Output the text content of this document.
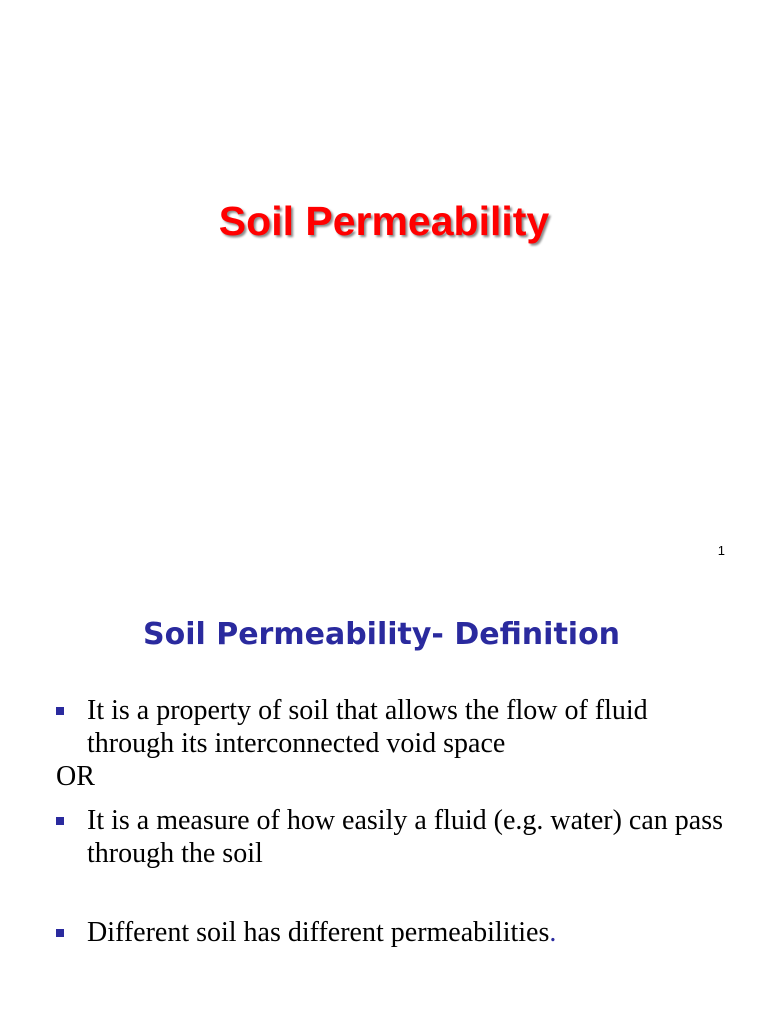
Soil Permeability
1
Soil Permeability- Definition
It is a property of soil that allows the flow of fluid through its interconnected void space
OR
It is a measure of how easily a fluid (e.g. water) can pass through the soil
Different soil has different permeabilities.
